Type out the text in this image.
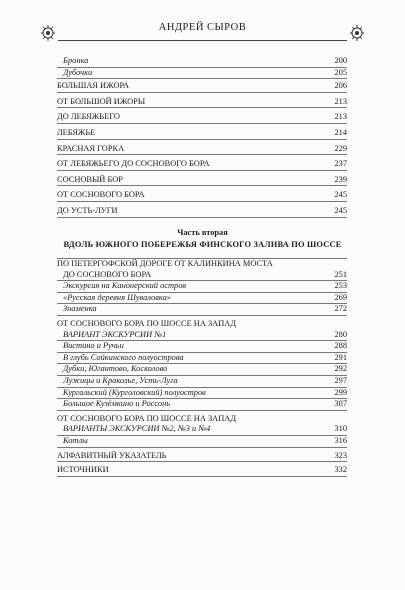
АНДРЕЙ СЫРОВ
Бронка	200
Дубочки	205
БОЛЬШАЯ ИЖОРА	206
ОТ БОЛЬШОЙ ИЖОРЫ	213
ДО ЛЕБЯЖЬЕГО	213
ЛЕБЯЖЬЕ	214
КРАСНАЯ ГОРКА	229
ОТ ЛЕБЯЖЬЕГО ДО СОСНОВОГО БОРА	237
СОСНОВЫЙ БОР	239
ОТ СОСНОВОГО БОРА	245
ДО УСТЬ-ЛУГИ	245
Часть вторая
ВДОЛЬ ЮЖНОГО ПОБЕРЕЖЬЯ ФИНСКОГО ЗАЛИВА ПО ШОССЕ
ПО ПЕТЕРГОФСКОЙ ДОРОГЕ ОТ КАЛИНКИНА МОСТА
ДО СОСНОВОГО БОРА	251
Экскурсия на Канонерский остров	253
«Русская деревня Шуваловка»	269
Знаменка	272
ОТ СОСНОВОГО БОРА ПО ШОССЕ НА ЗАПАД
ВАРИАНТ ЭКСКУРСИИ №1	280
Вистино и Ручьи	288
В глубь Сойкинского полуострова	291
Дубки, Югантово, Косколово	292
Лужицы и Краколье, Усть-Луга	297
Кургальский (Курголовский) полуостров	299
Большое Кузёмкино и Россонь	307
ОТ СОСНОВОГО БОРА ПО ШОССЕ НА ЗАПАД
ВАРИАНТЫ ЭКСКУРСИИ №2, №3 и №4	310
Котлы	316
АЛФАВИТНЫЙ УКАЗАТЕЛЬ	323
ИСТОЧНИКИ	332
